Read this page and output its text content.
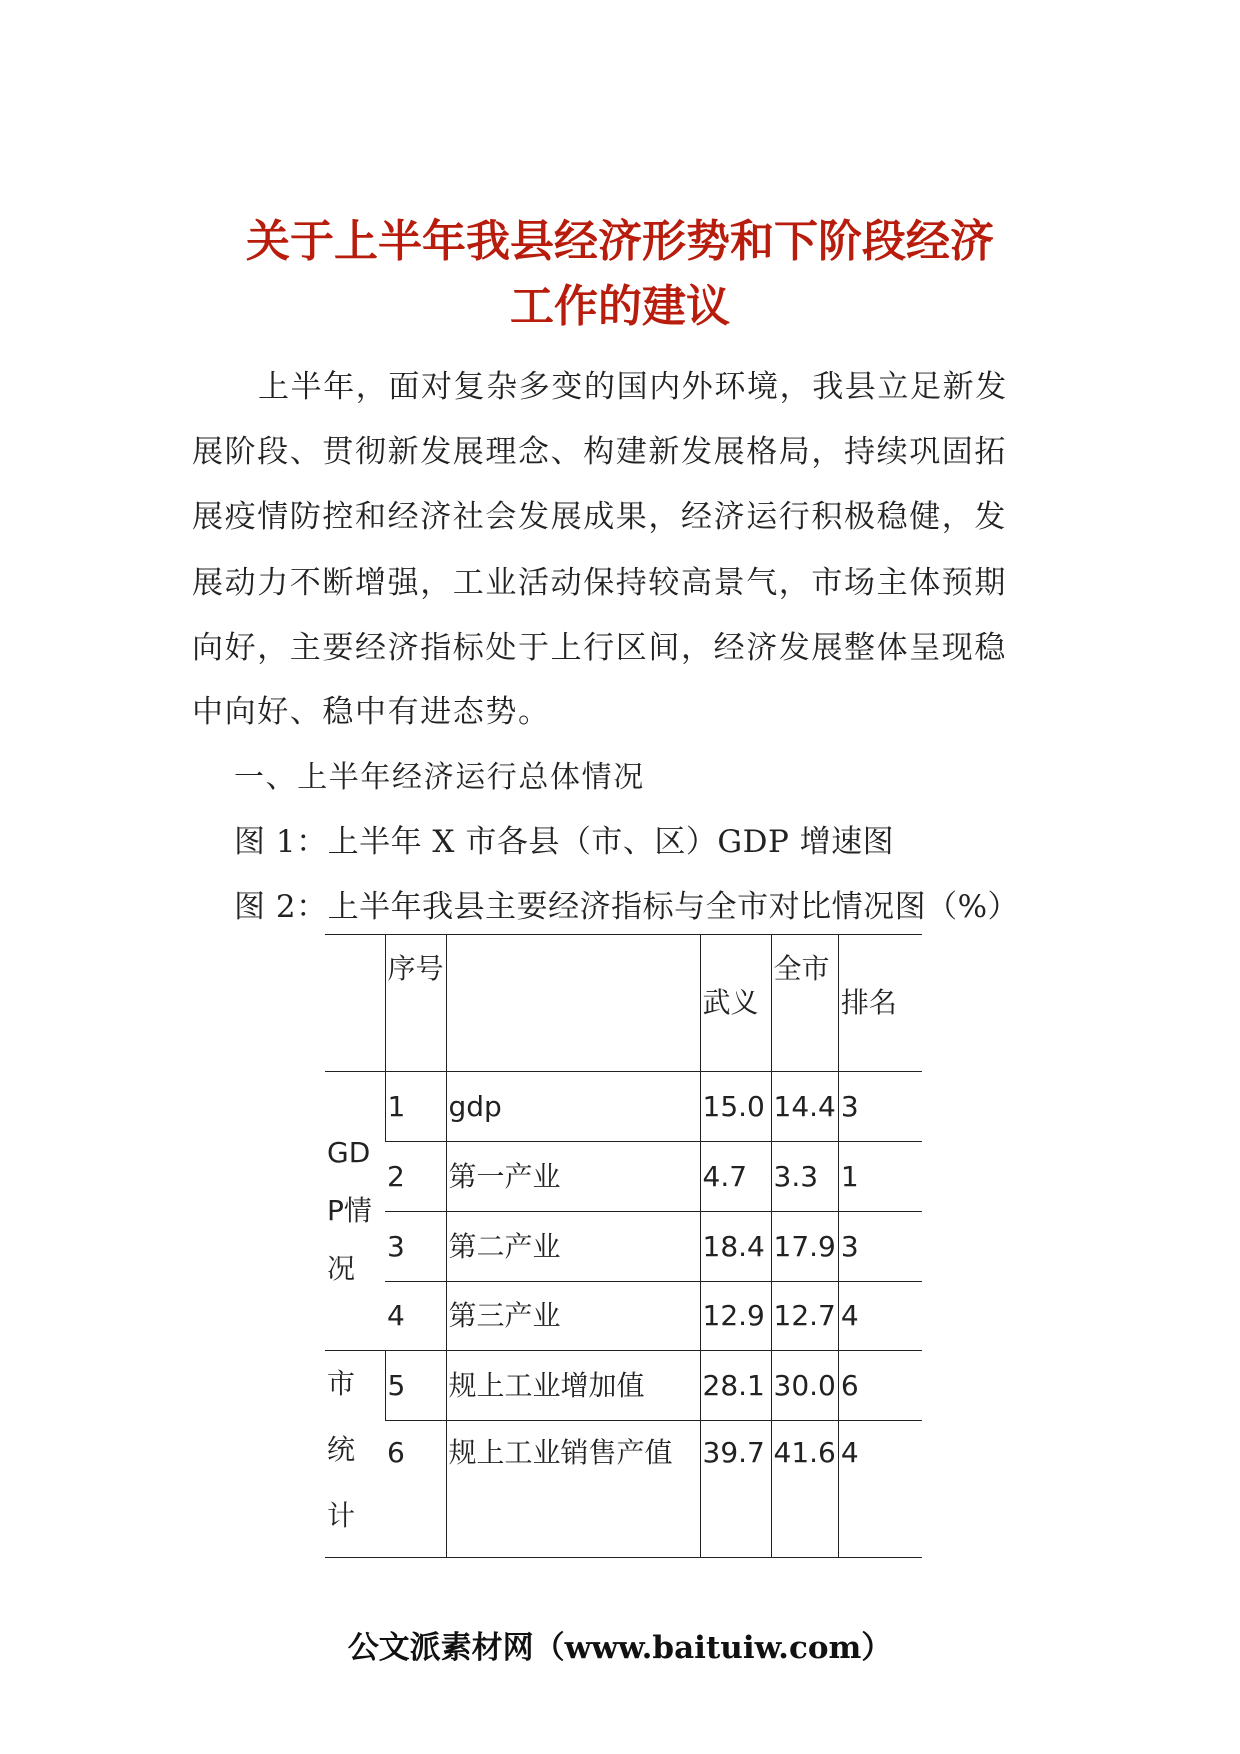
关于上半年我县经济形势和下阶段经济
工作的建议
上半年，面对复杂多变的国内外环境，我县立足新发
展阶段、贯彻新发展理念、构建新发展格局，持续巩固拓
展疫情防控和经济社会发展成果，经济运行积极稳健，发
展动力不断增强，工业活动保持较高景气，市场主体预期
向好，主要经济指标处于上行区间，经济发展整体呈现稳
中向好、稳中有进态势。
一、上半年经济运行总体情况
图 1：上半年 X 市各县（市、区）GDP 增速图
图 2：上半年我县主要经济指标与全市对比情况图（%）
	序号		武义	全市	排名
GDP情况	1	gdp	15.0	14.4	3
	2	第一产业	4.7	3.3	1
	3	第二产业	18.4	17.9	3
	4	第三产业	12.9	12.7	4
市统计	5	规上工业增加值	28.1	30.0	6
	6	规上工业销售产值	39.7	41.6	4
公文派素材网（www.baituiw.com）
